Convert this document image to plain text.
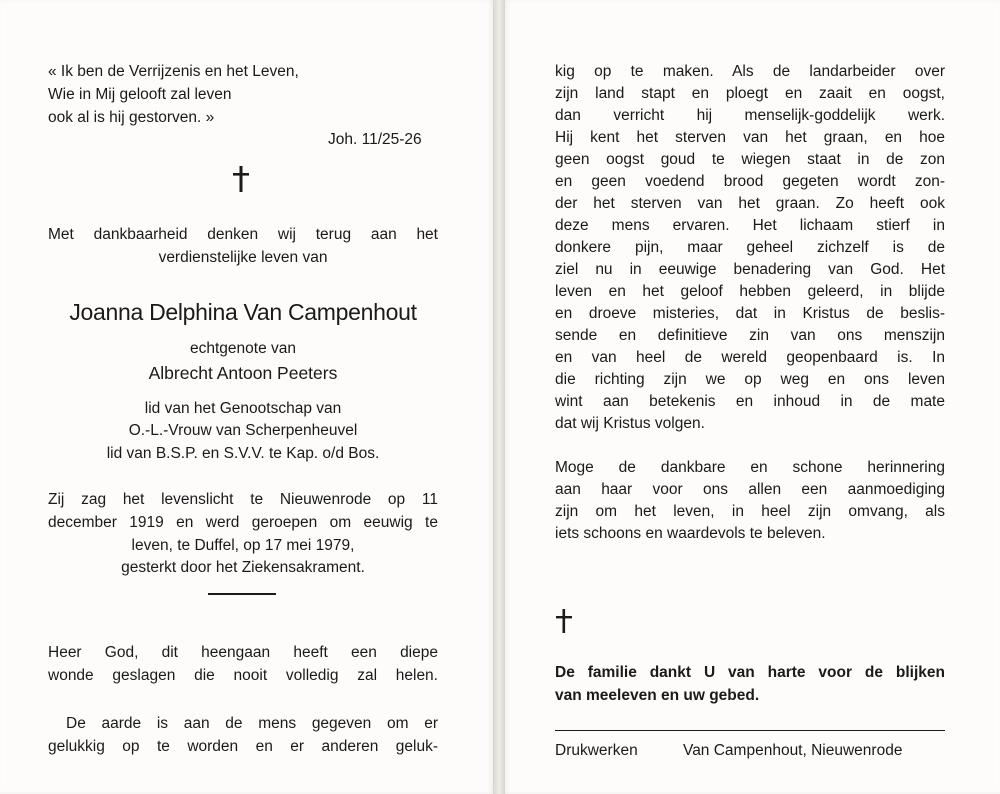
« Ik ben de Verrijzenis en het Leven,
Wie in Mij gelooft zal leven
ook al is hij gestorven. »
Joh. 11/25-26
Met dankbaarheid denken wij terug aan het
verdienstelijke leven van
Joanna Delphina Van Campenhout
echtgenote van
Albrecht Antoon Peeters
lid van het Genootschap van
O.-L.-Vrouw van Scherpenheuvel
lid van B.S.P. en S.V.V. te Kap. o/d Bos.
Zij zag het levenslicht te Nieuwenrode op 11
december 1919 en werd geroepen om eeuwig te
leven, te Duffel, op 17 mei 1979,
gesterkt door het Ziekensakrament.
Heer God, dit heengaan heeft een diepe
wonde geslagen die nooit volledig zal helen.
De aarde is aan de mens gegeven om er
gelukkig op te worden en er anderen geluk-
kig op te maken. Als de landarbeider over
zijn land stapt en ploegt en zaait en oogst,
dan verricht hij menselijk-goddelijk werk.
Hij kent het sterven van het graan, en hoe
geen oogst goud te wiegen staat in de zon
en geen voedend brood gegeten wordt zon-
der het sterven van het graan. Zo heeft ook
deze mens ervaren. Het lichaam stierf in
donkere pijn, maar geheel zichzelf is de
ziel nu in eeuwige benadering van God. Het
leven en het geloof hebben geleerd, in blijde
en droeve misteries, dat in Kristus de beslis-
sende en definitieve zin van ons menszijn
en van heel de wereld geopenbaard is. In
die richting zijn we op weg en ons leven
wint aan betekenis en inhoud in de mate
dat wij Kristus volgen.
Moge de dankbare en schone herinnering
aan haar voor ons allen een aanmoediging
zijn om het leven, in heel zijn omvang, als
iets schoons en waardevols te beleven.
De familie dankt U van harte voor de blijken
van meeleven en uw gebed.
Drukwerken	Van Campenhout, Nieuwenrode
